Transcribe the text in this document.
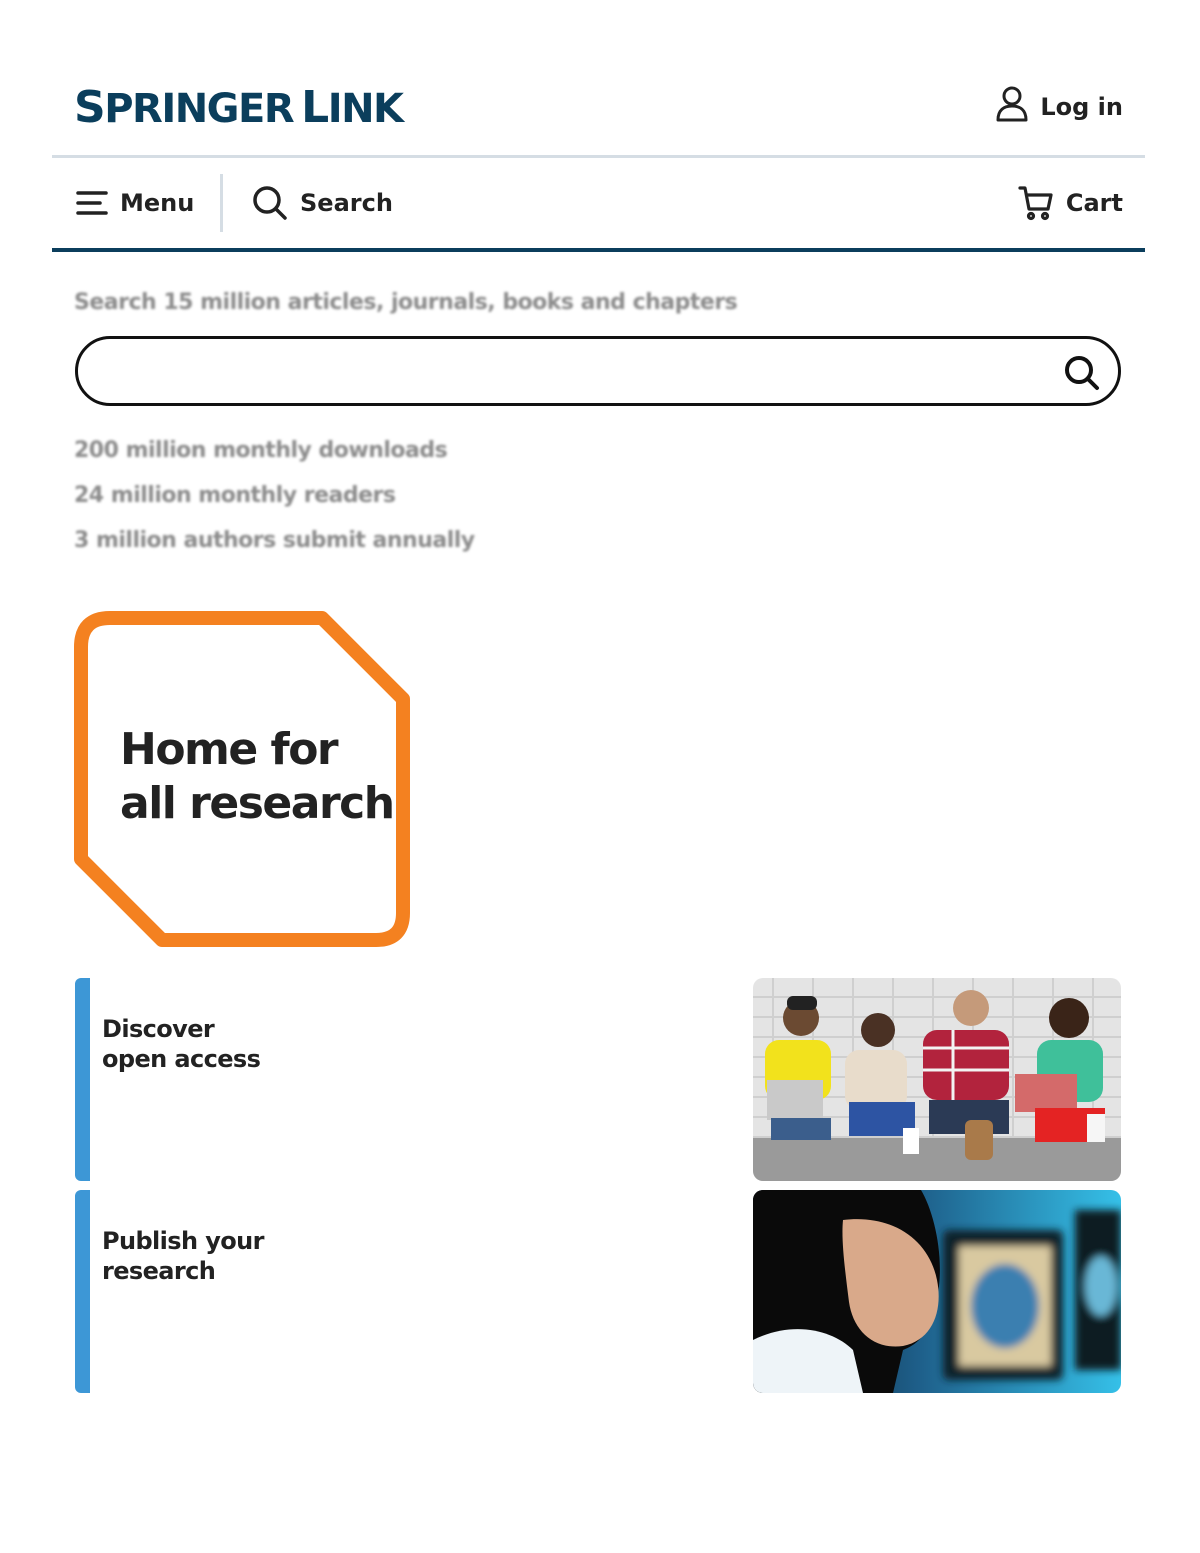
SPRINGER LINK	Log in
Menu	Search	Cart
Search 15 million articles, journals, books and chapters
200 million monthly downloads
24 million monthly readers
3 million authors submit annually
Home for
all research
Discover
open access
Publish your
research
